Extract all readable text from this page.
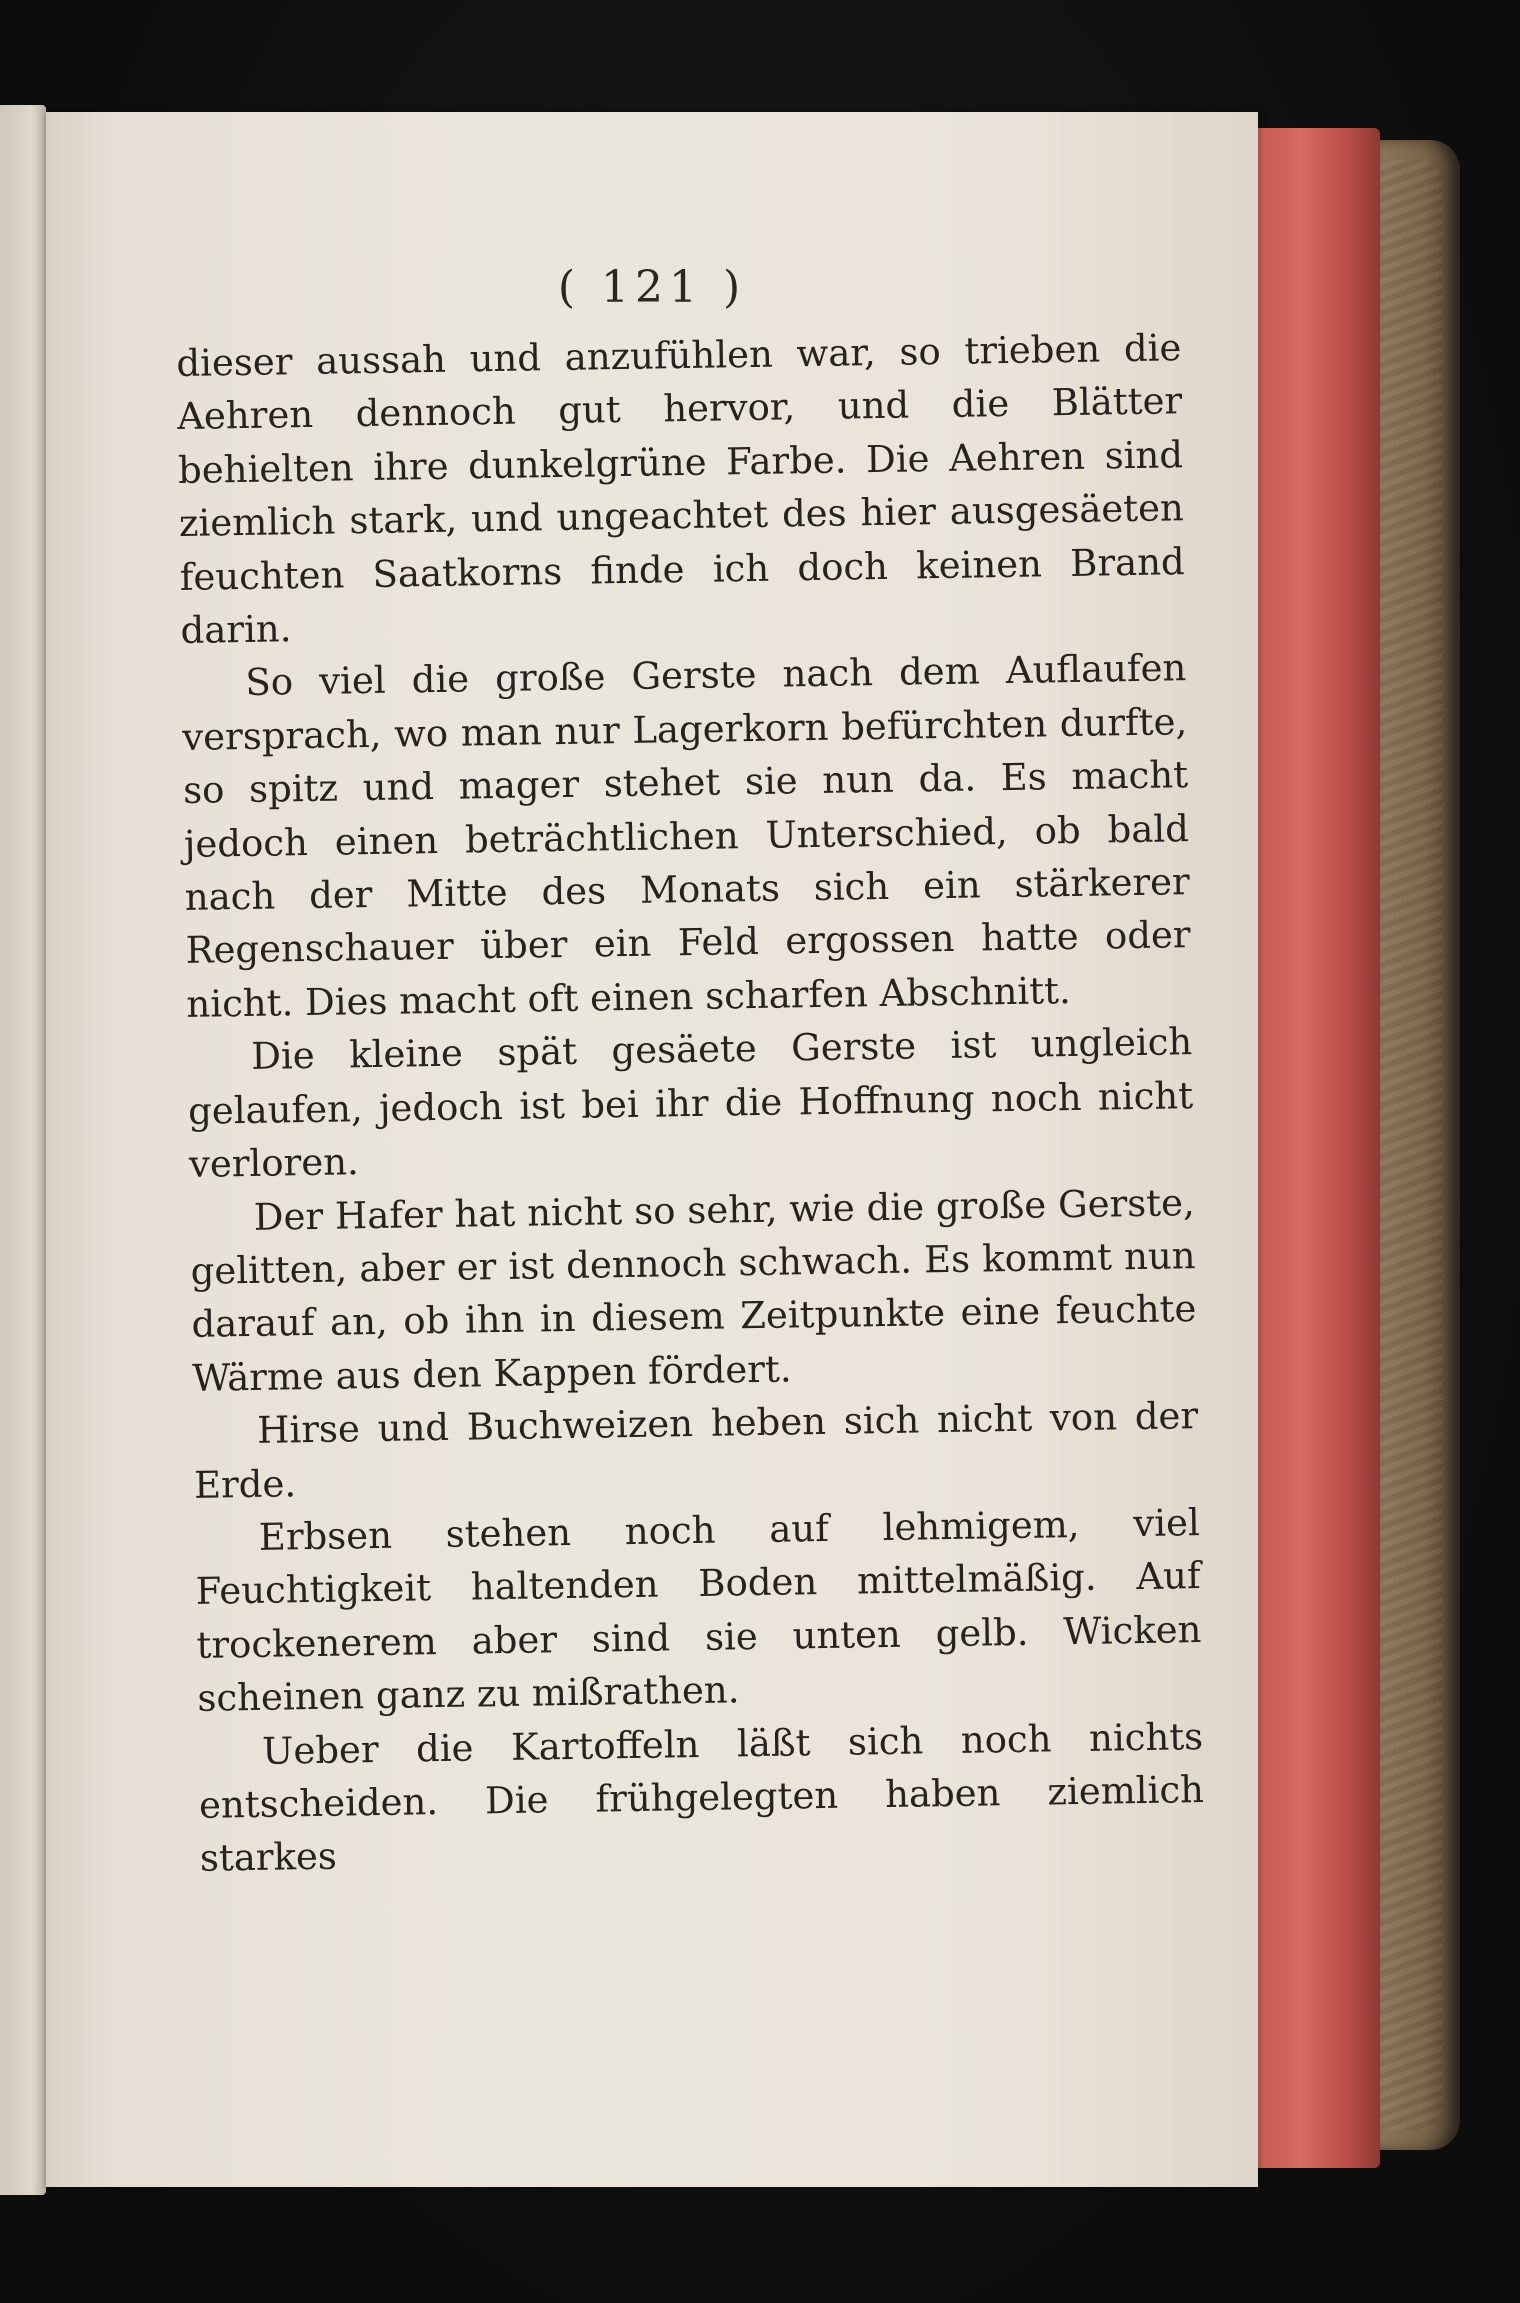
( 121 )

dieser aussah und anzufühlen war, so trieben die Aehren dennoch gut hervor, und die Blätter behielten ihre dunkelgrüne Farbe. Die Aehren sind ziemlich stark, und ungeachtet des hier ausgesäeten feuchten Saatkorns finde ich doch keinen Brand darin.

So viel die große Gerste nach dem Auflaufen versprach, wo man nur Lagerkorn befürchten durfte, so spitz und mager stehet sie nun da. Es macht jedoch einen beträchtlichen Unterschied, ob bald nach der Mitte des Monats sich ein stärkerer Regenschauer über ein Feld ergossen hatte oder nicht. Dies macht oft einen scharfen Abschnitt.

Die kleine spät gesäete Gerste ist ungleich gelaufen, jedoch ist bei ihr die Hoffnung noch nicht verloren.

Der Hafer hat nicht so sehr, wie die große Gerste, gelitten, aber er ist dennoch schwach. Es kommt nun darauf an, ob ihn in diesem Zeitpunkte eine feuchte Wärme aus den Kappen fördert.

Hirse und Buchweizen heben sich nicht von der Erde.

Erbsen stehen noch auf lehmigem, viel Feuchtigkeit haltenden Boden mittelmäßig. Auf trockenerem aber sind sie unten gelb. Wicken scheinen ganz zu mißrathen.

Ueber die Kartoffeln läßt sich noch nichts entscheiden. Die frühgelegten haben ziemlich starkes
